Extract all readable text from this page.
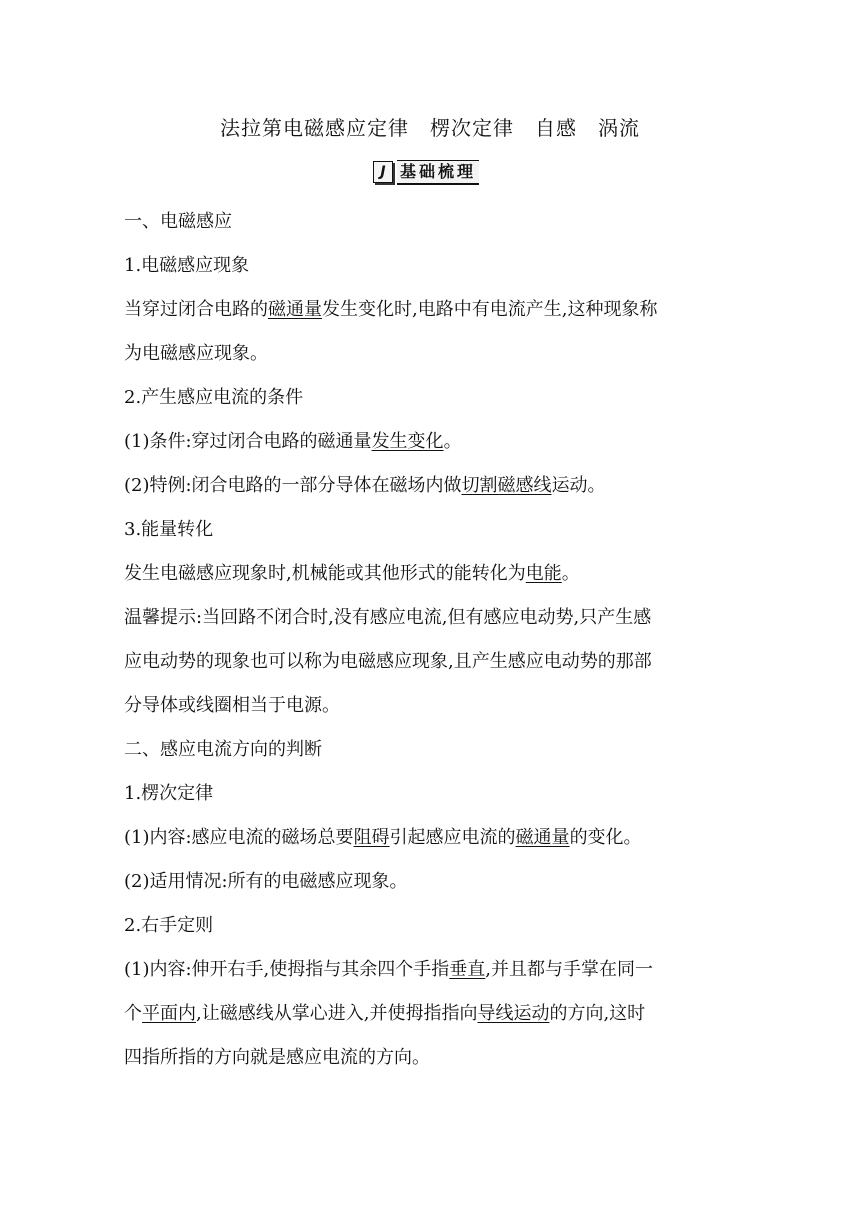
法拉第电磁感应定律　楞次定律　自感　涡流
J 基础梳理
一、电磁感应
1.电磁感应现象
当穿过闭合电路的磁通量发生变化时,电路中有电流产生,这种现象称
为电磁感应现象。
2.产生感应电流的条件
(1)条件:穿过闭合电路的磁通量发生变化。
(2)特例:闭合电路的一部分导体在磁场内做切割磁感线运动。
3.能量转化
发生电磁感应现象时,机械能或其他形式的能转化为电能。
温馨提示:当回路不闭合时,没有感应电流,但有感应电动势,只产生感
应电动势的现象也可以称为电磁感应现象,且产生感应电动势的那部
分导体或线圈相当于电源。
二、感应电流方向的判断
1.楞次定律
(1)内容:感应电流的磁场总要阻碍引起感应电流的磁通量的变化。
(2)适用情况:所有的电磁感应现象。
2.右手定则
(1)内容:伸开右手,使拇指与其余四个手指垂直,并且都与手掌在同一
个平面内,让磁感线从掌心进入,并使拇指指向导线运动的方向,这时
四指所指的方向就是感应电流的方向。
